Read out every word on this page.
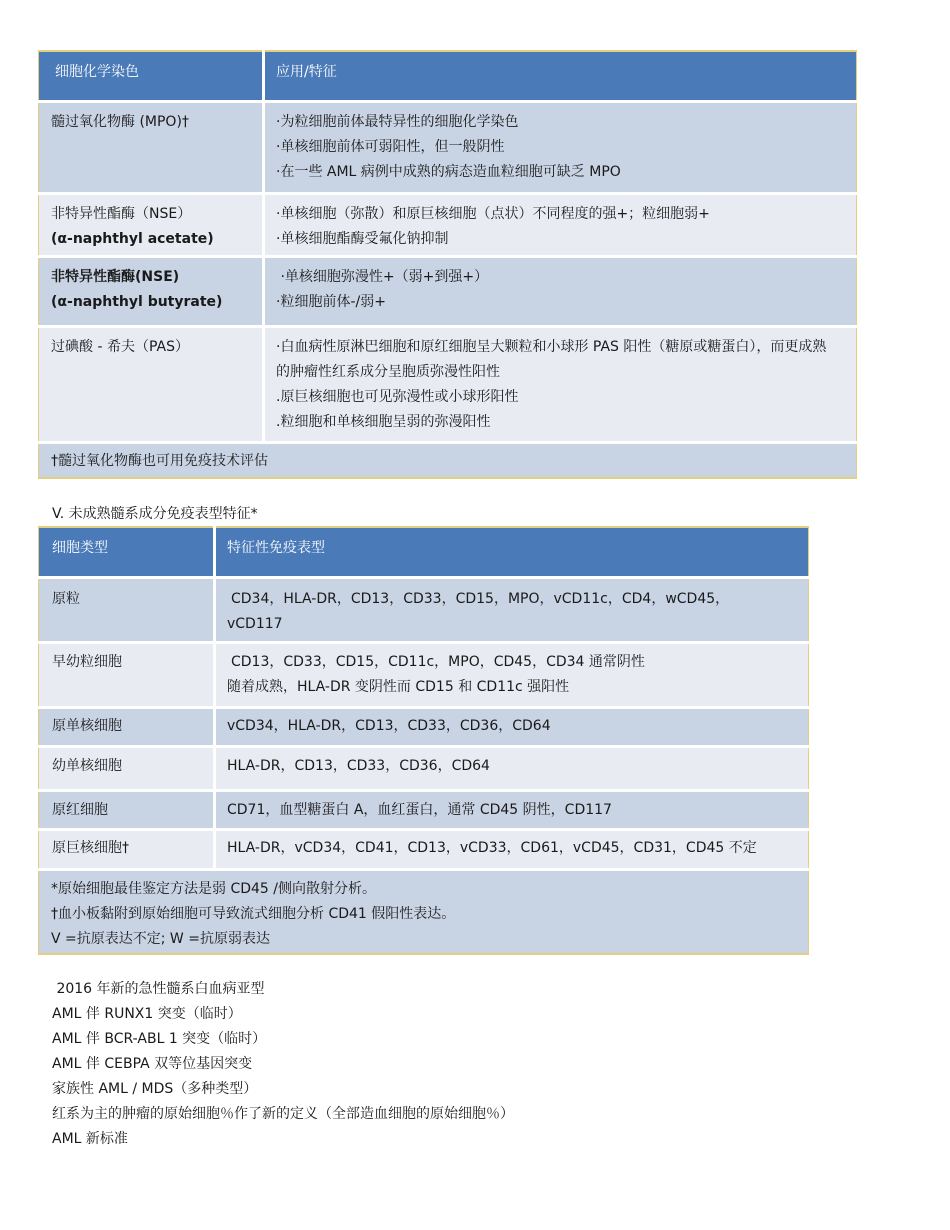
细胞化学染色	应用/特征

髓过氧化物酶 (MPO)†	·为粒细胞前体最特异性的细胞化学染色
·单核细胞前体可弱阳性，但一般阴性
·在一些 AML 病例中成熟的病态造血粒细胞可缺乏 MPO

非特异性酯酶（NSE）
(α-naphthyl acetate)	·单核细胞（弥散）和原巨核细胞（点状）不同程度的强+；粒细胞弱+
·单核细胞酯酶受氟化钠抑制

非特异性酯酶(NSE)
(α-naphthyl butyrate)	·单核细胞弥漫性+（弱+到强+）
·粒细胞前体-/弱+

过碘酸 - 希夫（PAS）	·白血病性原淋巴细胞和原红细胞呈大颗粒和小球形 PAS 阳性（糖原或糖蛋白），而更成熟的肿瘤性红系成分呈胞质弥漫性阳性
.原巨核细胞也可见弥漫性或小球形阳性
.粒细胞和单核细胞呈弱的弥漫阳性

†髓过氧化物酶也可用免疫技术评估	
V. 未成熟髓系成分免疫表型特征*
细胞类型	特征性免疫表型

原粒	CD34，HLA-DR，CD13，CD33，CD15，MPO，vCD11c，CD4，wCD45，
vCD117

早幼粒细胞	CD13，CD33，CD15，CD11c，MPO，CD45，CD34 通常阴性
随着成熟，HLA-DR 变阴性而 CD15 和 CD11c 强阳性

原单核细胞	vCD34，HLA-DR，CD13，CD33，CD36，CD64

幼单核细胞	HLA-DR，CD13，CD33，CD36，CD64

原红细胞	CD71，血型糖蛋白 A，血红蛋白，通常 CD45 阴性，CD117

原巨核细胞†	HLA-DR，vCD34，CD41，CD13，vCD33，CD61，vCD45，CD31，CD45 不定

*原始细胞最佳鉴定方法是弱 CD45 /侧向散射分析。
†血小板黏附到原始细胞可导致流式细胞分析 CD41 假阳性表达。
V =抗原表达不定; W =抗原弱表达	
2016 年新的急性髓系白血病亚型
AML 伴 RUNX1 突变（临时）
AML 伴 BCR-ABL 1 突变（临时）
AML 伴 CEBPA 双等位基因突变
家族性 AML / MDS（多种类型）
红系为主的肿瘤的原始细胞％作了新的定义（全部造血细胞的原始细胞％）
AML 新标准
